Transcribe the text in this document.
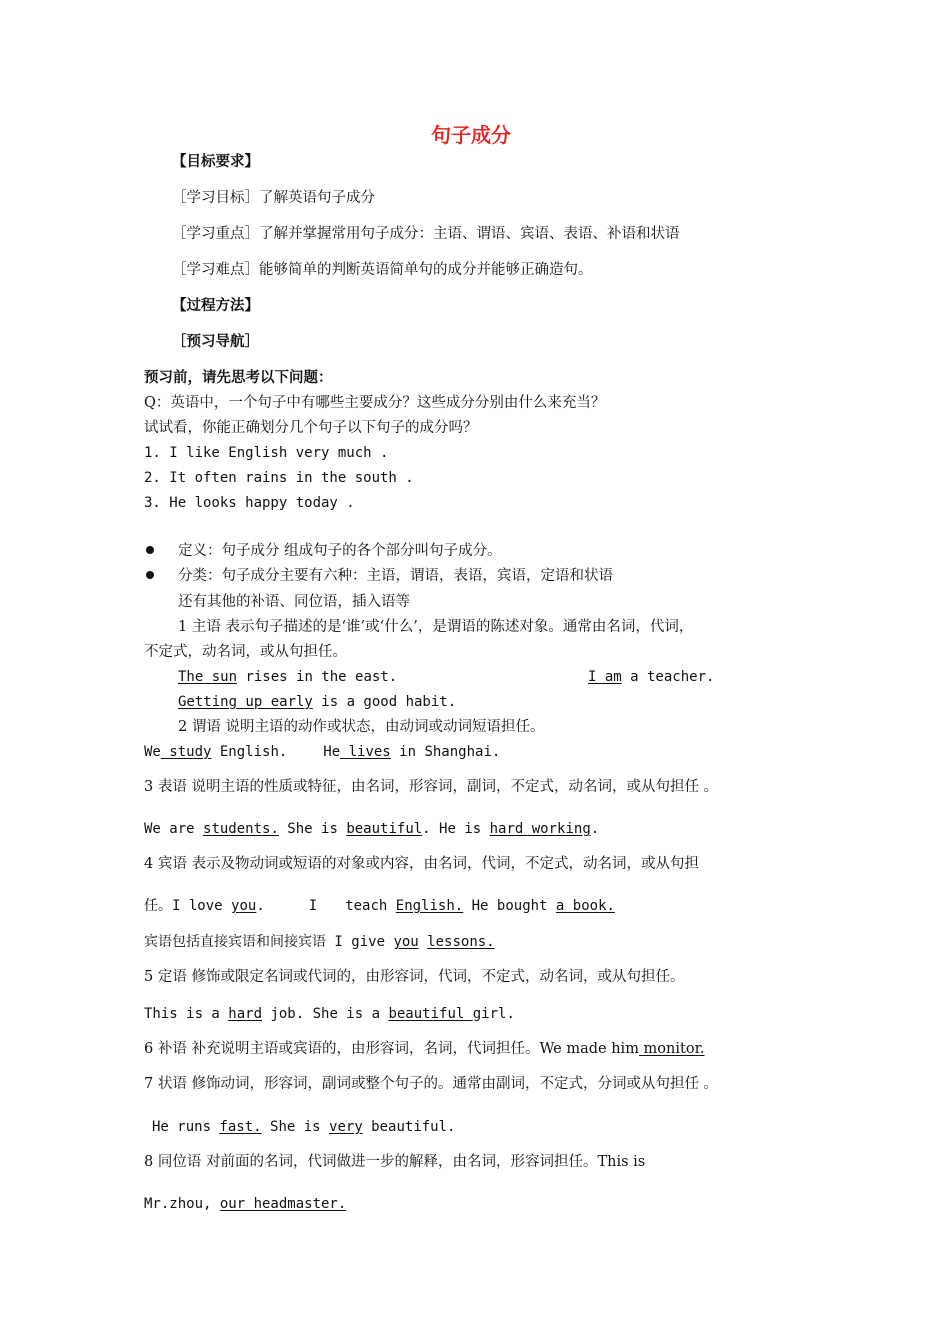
句子成分
【目标要求】
［学习目标］了解英语句子成分
［学习重点］了解并掌握常用句子成分：主语、谓语、宾语、表语、补语和状语
［学习难点］能够简单的判断英语简单句的成分并能够正确造句。
【过程方法】
［预习导航］
预习前，请先思考以下问题：
Q：英语中，一个句子中有哪些主要成分？这些成分分别由什么来充当？
试试看，你能正确划分几个句子以下句子的成分吗？
1. I like English very much .
2. It often rains in the south .
3. He looks happy today .
定义：句子成分 组成句子的各个部分叫句子成分。
分类：句子成分主要有六种：主语，谓语，表语，宾语，定语和状语
还有其他的补语、同位语，插入语等
1 主语 表示句子描述的是‘谁’或‘什么’，是谓语的陈述对象。通常由名词，代词，
不定式，动名词，或从句担任。
The sun rises in the east.	I am a teacher.
Getting up early is a good habit.
2 谓语 说明主语的动作或状态，由动词或动词短语担任。
We study English.	He lives in Shanghai.
3 表语 说明主语的性质或特征，由名词，形容词，副词，不定式，动名词，或从句担任 。
We are students. She is beautiful. He is hard working.
4 宾语 表示及物动词或短语的对象或内容，由名词，代词，不定式，动名词，或从句担
任。I love you.	I teach English. He bought a book.
宾语包括直接宾语和间接宾语 I give you lessons.
5 定语 修饰或限定名词或代词的，由形容词，代词，不定式，动名词，或从句担任。
This is a hard job. She is a beautiful girl.
6 补语 补充说明主语或宾语的，由形容词，名词，代词担任。We made him monitor.
7 状语 修饰动词，形容词，副词或整个句子的。通常由副词，不定式，分词或从句担任 。
He runs fast. She is very beautiful.
8 同位语 对前面的名词，代词做进一步的解释，由名词，形容词担任。This is
Mr.zhou, our headmaster.
